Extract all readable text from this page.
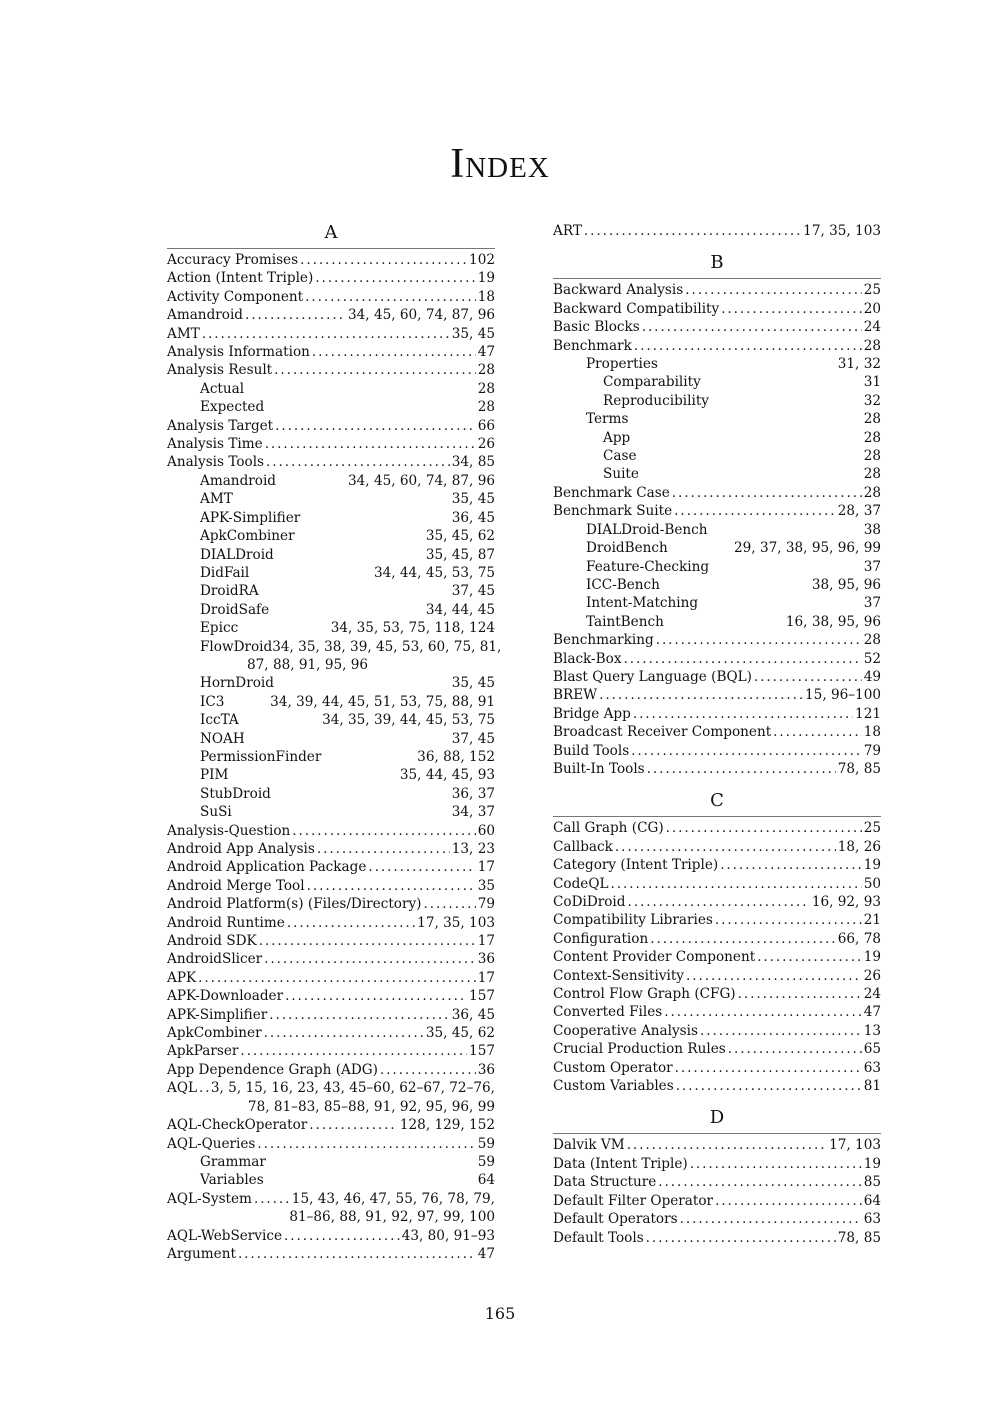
Index
A
Accuracy Promises . . .	102
Action (Intent Triple) . . .	19
Activity Component . . .	18
Amandroid . . .	34, 45, 60, 74, 87, 96
AMT . . .	35, 45
Analysis Information . . .	47
Analysis Result . . .	28
Actual	28
Expected	28
Analysis Target . . .	66
Analysis Time . . .	26
Analysis Tools . . .	34, 85
Amandroid	34, 45, 60, 74, 87, 96
AMT	35, 45
APK-Simplifier	36, 45
ApkCombiner	35, 45, 62
DIALDroid	35, 45, 87
DidFail	34, 44, 45, 53, 75
DroidRA	37, 45
DroidSafe	34, 44, 45
Epicc	34, 35, 53, 75, 118, 124
FlowDroid 34, 35, 38, 39, 45, 53, 60, 75, 81,
87, 88, 91, 95, 96
HornDroid	35, 45
IC3	34, 39, 44, 45, 51, 53, 75, 88, 91
IccTA	34, 35, 39, 44, 45, 53, 75
NOAH	37, 45
PermissionFinder	36, 88, 152
PIM	35, 44, 45, 93
StubDroid	36, 37
SuSi	34, 37
Analysis-Question . . .	60
Android App Analysis . . .	13, 23
Android Application Package . . .	17
Android Merge Tool . . .	35
Android Platform(s) (Files/Directory) . . .	79
Android Runtime . . .	17, 35, 103
Android SDK . . .	17
AndroidSlicer . . .	36
APK . . .	17
APK-Downloader . . .	157
APK-Simplifier . . .	36, 45
ApkCombiner . . .	35, 45, 62
ApkParser . . .	157
App Dependence Graph (ADG) . . .	36
AQL . . . 3, 5, 15, 16, 23, 43, 45–60, 62–67, 72–76,
78, 81–83, 85–88, 91, 92, 95, 96, 99
AQL-CheckOperator . . .	128, 129, 152
AQL-Queries . . .	59
Grammar	59
Variables	64
AQL-System . . .	15, 43, 46, 47, 55, 76, 78, 79,
81–86, 88, 91, 92, 97, 99, 100
AQL-WebService . . .	43, 80, 91–93
Argument . . .	47
ART . . .	17, 35, 103
B
Backward Analysis . . .	25
Backward Compatibility . . .	20
Basic Blocks . . .	24
Benchmark . . .	28
Properties	31, 32
Comparability	31
Reproducibility	32
Terms	28
App	28
Case	28
Suite	28
Benchmark Case . . .	28
Benchmark Suite . . .	28, 37
DIALDroid-Bench	38
DroidBench	29, 37, 38, 95, 96, 99
Feature-Checking	37
ICC-Bench	38, 95, 96
Intent-Matching	37
TaintBench	16, 38, 95, 96
Benchmarking . . .	28
Black-Box . . .	52
Blast Query Language (BQL) . . .	49
BREW . . .	15, 96–100
Bridge App . . .	121
Broadcast Receiver Component . . .	18
Build Tools . . .	79
Built-In Tools . . .	78, 85
C
Call Graph (CG) . . .	25
Callback . . .	18, 26
Category (Intent Triple) . . .	19
CodeQL . . .	50
CoDiDroid . . .	16, 92, 93
Compatibility Libraries . . .	21
Configuration . . .	66, 78
Content Provider Component . . .	19
Context-Sensitivity . . .	26
Control Flow Graph (CFG) . . .	24
Converted Files . . .	47
Cooperative Analysis . . .	13
Crucial Production Rules . . .	65
Custom Operator . . .	63
Custom Variables . . .	81
D
Dalvik VM . . .	17, 103
Data (Intent Triple) . . .	19
Data Structure . . .	85
Default Filter Operator . . .	64
Default Operators . . .	63
Default Tools . . .	78, 85
165
